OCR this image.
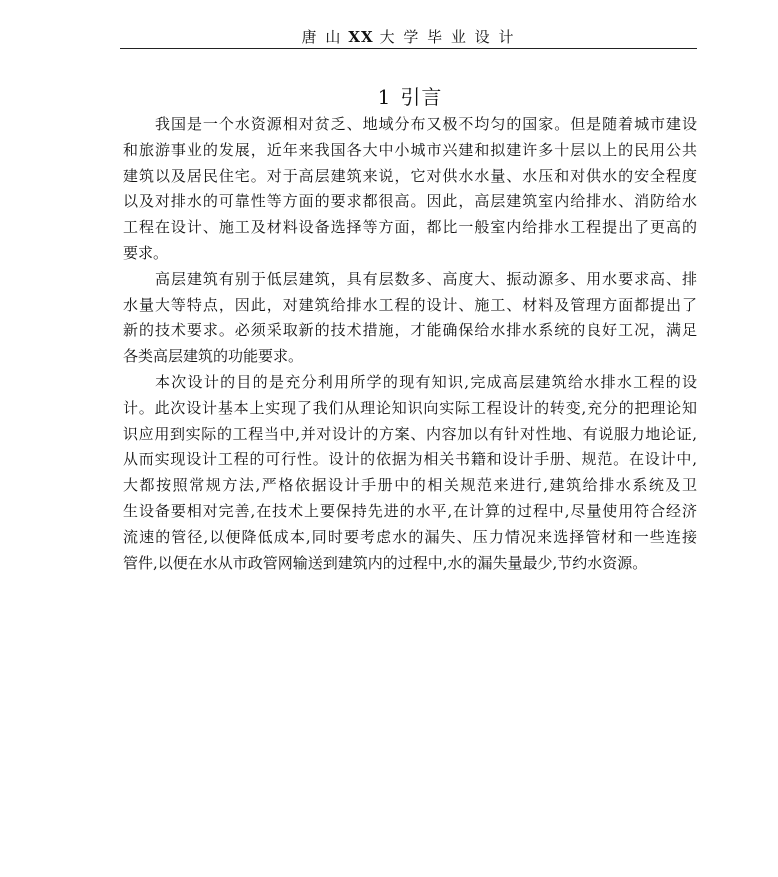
唐 山 XX 大 学 毕 业 设 计
1 引言
我国是一个水资源相对贫乏、地域分布又极不均匀的国家。但是随着城市建设
和旅游事业的发展，近年来我国各大中小城市兴建和拟建许多十层以上的民用公共
建筑以及居民住宅。对于高层建筑来说，它对供水水量、水压和对供水的安全程度
以及对排水的可靠性等方面的要求都很高。因此，高层建筑室内给排水、消防给水
工程在设计、施工及材料设备选择等方面，都比一般室内给排水工程提出了更高的
要求。
高层建筑有别于低层建筑，具有层数多、高度大、振动源多、用水要求高、排
水量大等特点，因此，对建筑给排水工程的设计、施工、材料及管理方面都提出了
新的技术要求。必须采取新的技术措施，才能确保给水排水系统的良好工况，满足
各类高层建筑的功能要求。
本次设计的目的是充分利用所学的现有知识,完成高层建筑给水排水工程的设
计。此次设计基本上实现了我们从理论知识向实际工程设计的转变,充分的把理论知
识应用到实际的工程当中,并对设计的方案、内容加以有针对性地、有说服力地论证,
从而实现设计工程的可行性。设计的依据为相关书籍和设计手册、规范。在设计中,
大都按照常规方法,严格依据设计手册中的相关规范来进行,建筑给排水系统及卫
生设备要相对完善,在技术上要保持先进的水平,在计算的过程中,尽量使用符合经济
流速的管径,以便降低成本,同时要考虑水的漏失、压力情况来选择管材和一些连接
管件,以便在水从市政管网输送到建筑内的过程中,水的漏失量最少,节约水资源。
